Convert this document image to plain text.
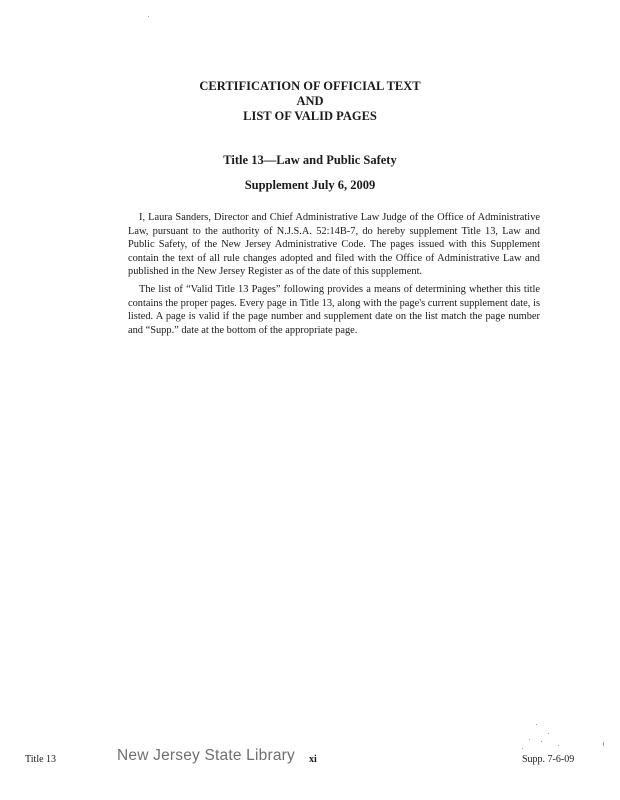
CERTIFICATION OF OFFICIAL TEXT
AND
LIST OF VALID PAGES
Title 13—Law and Public Safety
Supplement July 6, 2009

I, Laura Sanders, Director and Chief Administrative Law Judge of the Office of Administrative Law, pursuant to the authority of N.J.S.A. 52:14B-7, do hereby supplement Title 13, Law and Public Safety, of the New Jersey Administrative Code. The pages issued with this Supplement contain the text of all rule changes adopted and filed with the Office of Administrative Law and published in the New Jersey Register as of the date of this supplement.

The list of “Valid Title 13 Pages” following provides a means of determining whether this title contains the proper pages. Every page in Title 13, along with the page's current supplement date, is listed. A page is valid if the page number and supplement date on the list match the page number and “Supp.” date at the bottom of the appropriate page.

Title 13	New Jersey State Library xi	Supp. 7-6-09
